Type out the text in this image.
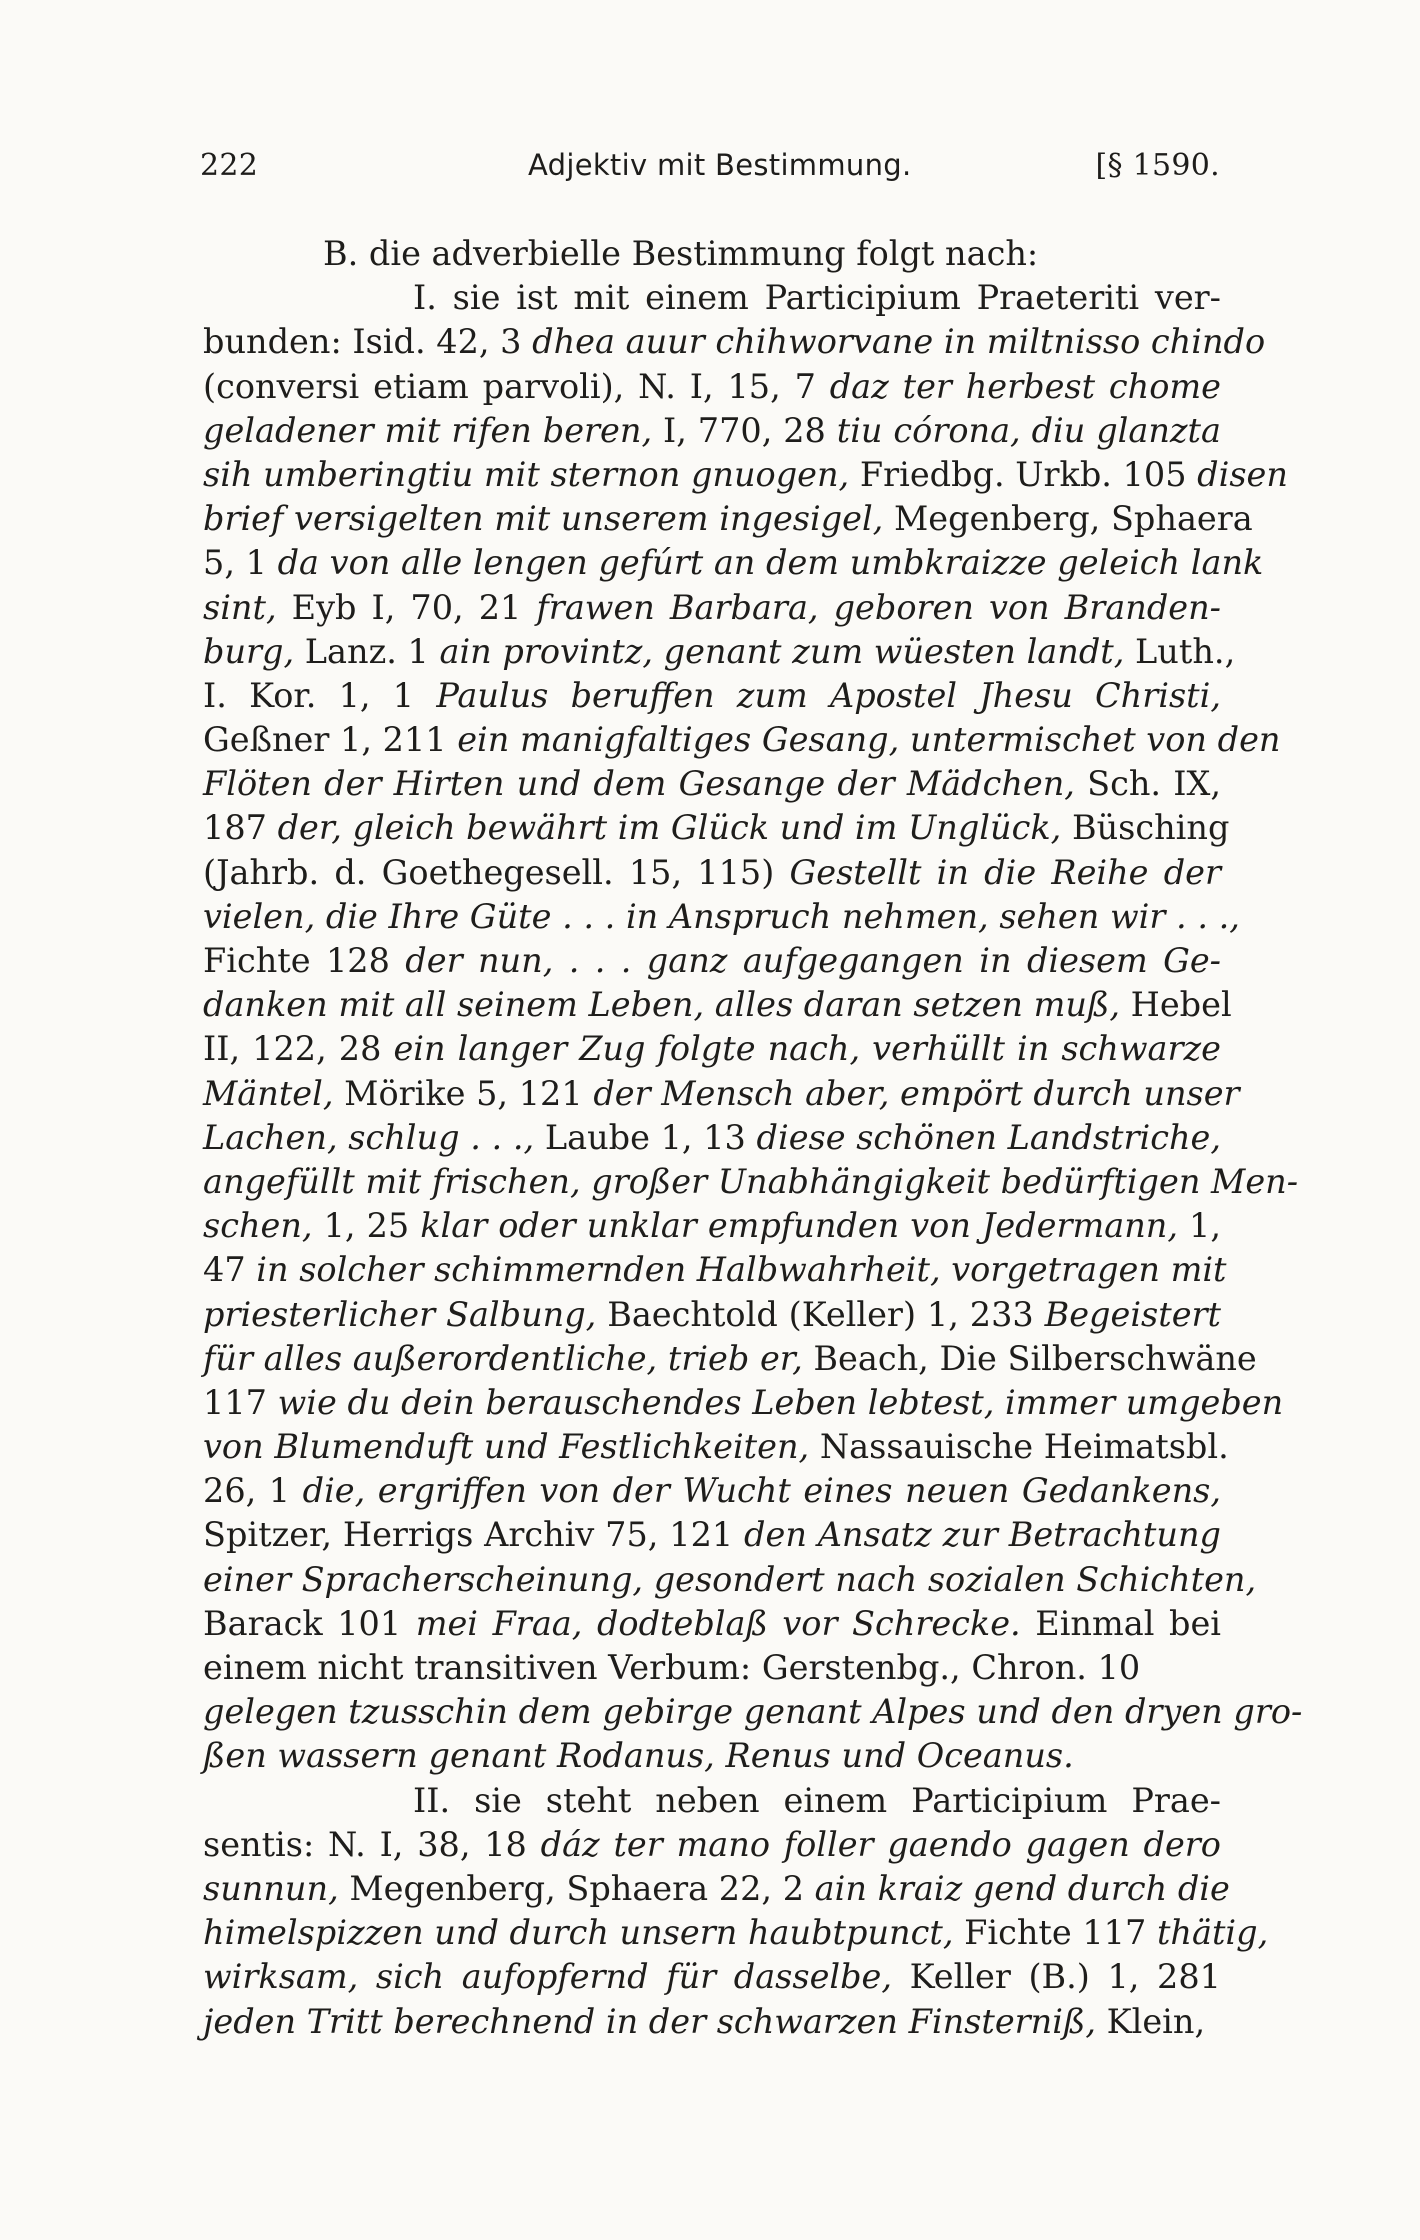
222	Adjektiv mit Bestimmung.	[§ 1590.
B. die adverbielle Bestimmung folgt nach:
I. sie ist mit einem Participium Praeteriti ver-
bunden: Isid. 42, 3 dhea auur chihworvane in miltnisso chindo
(conversi etiam parvoli), N. I, 15, 7 daz ter herbest chome
geladener mit rifen beren, I, 770, 28 tiu córona, diu glanzta
sih umberingtiu mit sternon gnuogen, Friedbg. Urkb. 105 disen
brief versigelten mit unserem ingesigel, Megenberg, Sphaera
5, 1 da von alle lengen gefúrt an dem umbkraizze geleich lank
sint, Eyb I, 70, 21 frawen Barbara, geboren von Branden-
burg, Lanz. 1 ain provintz, genant zum wüesten landt, Luth.,
I. Kor. 1, 1 Paulus beruffen zum Apostel Jhesu Christi,
Geßner 1, 211 ein manigfaltiges Gesang, untermischet von den
Flöten der Hirten und dem Gesange der Mädchen, Sch. IX,
187 der, gleich bewährt im Glück und im Unglück, Büsching
(Jahrb. d. Goethegesell. 15, 115) Gestellt in die Reihe der
vielen, die Ihre Güte . . . in Anspruch nehmen, sehen wir . . .,
Fichte 128 der nun, . . . ganz aufgegangen in diesem Ge-
danken mit all seinem Leben, alles daran setzen muß, Hebel
II, 122, 28 ein langer Zug folgte nach, verhüllt in schwarze
Mäntel, Mörike 5, 121 der Mensch aber, empört durch unser
Lachen, schlug . . ., Laube 1, 13 diese schönen Landstriche,
angefüllt mit frischen, großer Unabhängigkeit bedürftigen Men-
schen, 1, 25 klar oder unklar empfunden von Jedermann, 1,
47 in solcher schimmernden Halbwahrheit, vorgetragen mit
priesterlicher Salbung, Baechtold (Keller) 1, 233 Begeistert
für alles außerordentliche, trieb er, Beach, Die Silberschwäne
117 wie du dein berauschendes Leben lebtest, immer umgeben
von Blumenduft und Festlichkeiten, Nassauische Heimatsbl.
26, 1 die, ergriffen von der Wucht eines neuen Gedankens,
Spitzer, Herrigs Archiv 75, 121 den Ansatz zur Betrachtung
einer Spracherscheinung, gesondert nach sozialen Schichten,
Barack 101 mei Fraa, dodteblaß vor Schrecke. Einmal bei
einem nicht transitiven Verbum: Gerstenbg., Chron. 10
gelegen tzusschin dem gebirge genant Alpes und den dryen gro-
ßen wassern genant Rodanus, Renus und Oceanus.
II. sie steht neben einem Participium Prae-
sentis: N. I, 38, 18 dáz ter mano foller gaendo gagen dero
sunnun, Megenberg, Sphaera 22, 2 ain kraiz gend durch die
himelspizzen und durch unsern haubtpunct, Fichte 117 thätig,
wirksam, sich aufopfernd für dasselbe, Keller (B.) 1, 281
jeden Tritt berechnend in der schwarzen Finsterniß, Klein,
